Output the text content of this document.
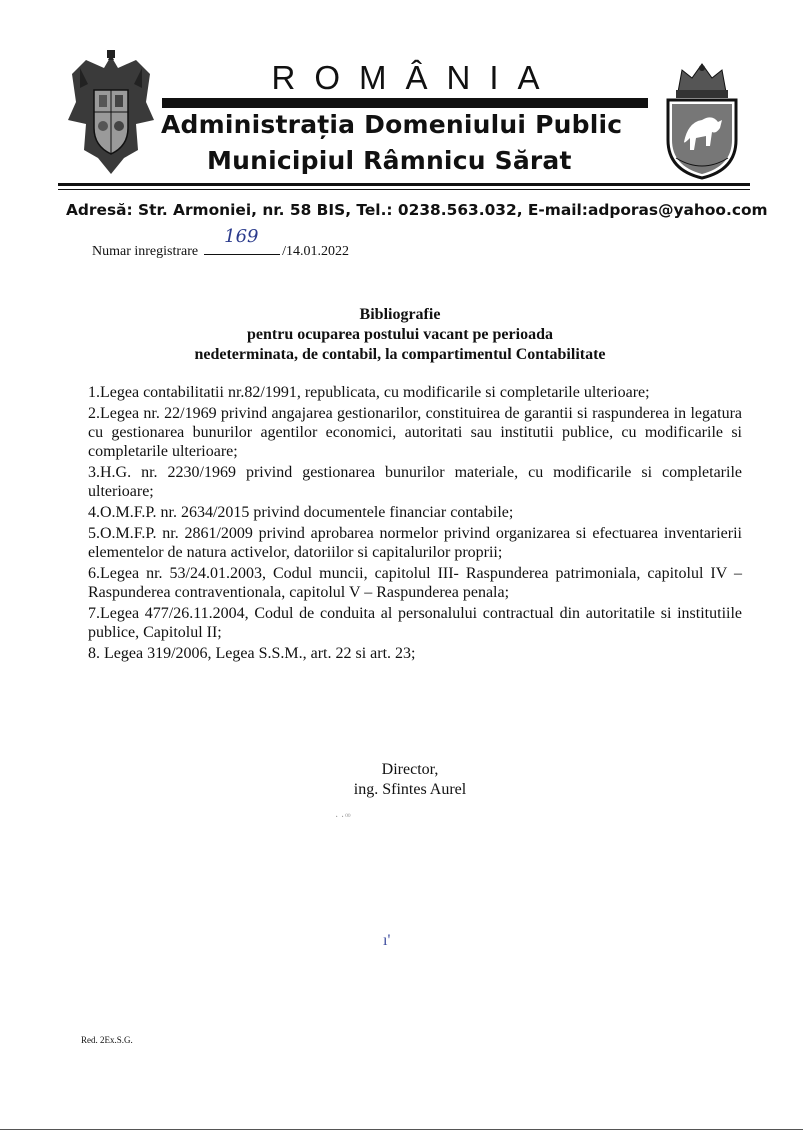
ROMÂNIA
Administrația Domeniului Public
Municipiul Râmnicu Sărat
Adresă: Str. Armoniei, nr. 58 BIS, Tel.: 0238.563.032, E-mail:adporas@yahoo.com
Numar inregistrare
169
/14.01.2022
Bibliografie
pentru ocuparea postului vacant pe perioada
nedeterminata, de contabil, la compartimentul Contabilitate

1.Legea contabilitatii nr.82/1991, republicata, cu modificarile si completarile ulterioare;

2.Legea nr. 22/1969 privind angajarea gestionarilor, constituirea de garantii si raspunderea in legatura cu gestionarea bunurilor agentilor economici, autoritati sau institutii publice, cu modificarile si completarile ulterioare;

3.H.G. nr. 2230/1969 privind gestionarea bunurilor materiale, cu modificarile si completarile ulterioare;

4.O.M.F.P. nr. 2634/2015 privind documentele financiar contabile;

5.O.M.F.P. nr. 2861/2009 privind aprobarea normelor privind organizarea si efectuarea inventarierii elementelor de natura activelor, datoriilor si capitalurilor proprii;

6.Legea nr. 53/24.01.2003, Codul muncii, capitolul III- Raspunderea patrimoniala, capitolul IV – Raspunderea contraventionala, capitolul V – Raspunderea penala;

7.Legea 477/26.11.2004, Codul de conduita al personalului contractual din autoritatile si institutiile publice, Capitolul II;

8. Legea 319/2006, Legea S.S.M., art. 22 si art. 23;

Director,
ing. Sfintes Aurel
· · ͦ ͦ
ı'
Red. 2Ex.S.G.
